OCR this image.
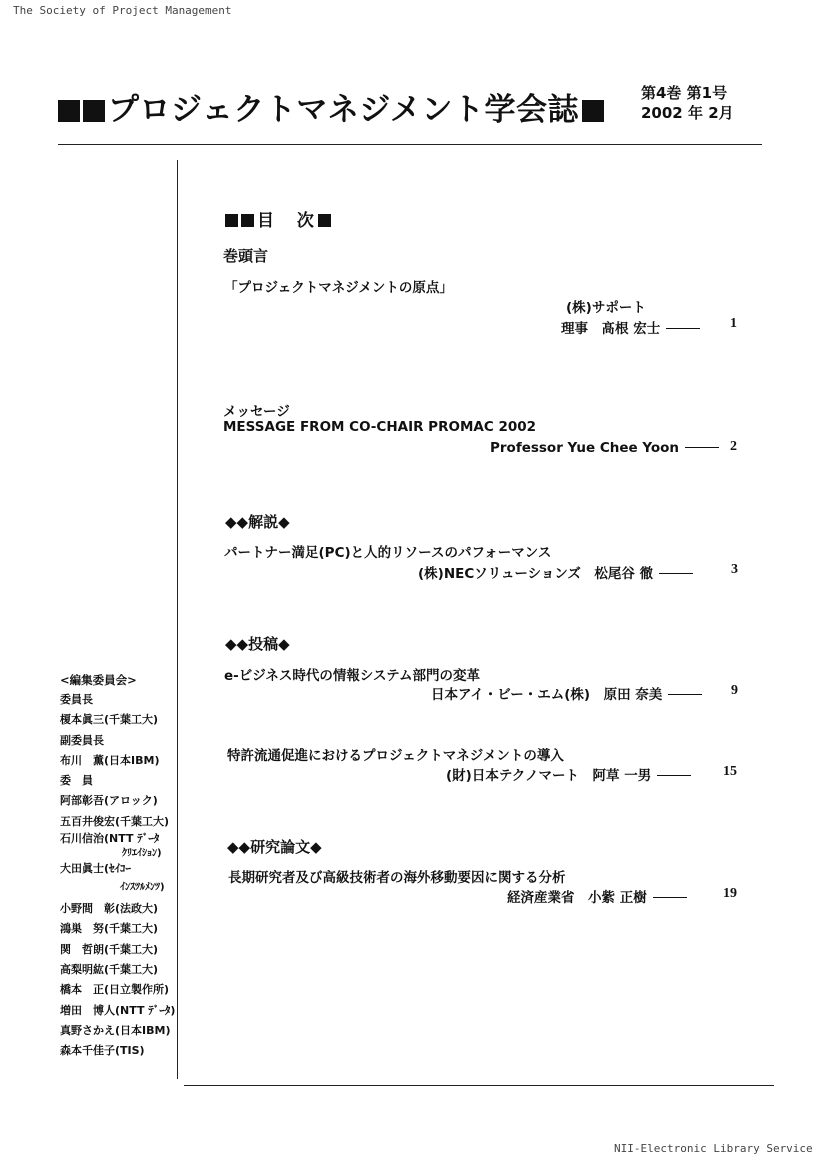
The Society of Project Management
NII-Electronic Library Service
プロジェクトマネジメント学会誌	第4巻 第1号
2002 年 2月
目　 次
巻頭言
「プロジェクトマネジメントの原点」
(株)サポート
理事　髙根 宏士	1
メッセージ
MESSAGE FROM CO-CHAIR PROMAC 2002
Professor Yue Chee Yoon	2
◆◆解説◆
パートナー満足(PC)と人的リソースのパフォーマンス
(株)NECソリューションズ　松尾谷 徹	3
◆◆投稿◆
e-ビジネス時代の情報システム部門の変革
日本アイ・ビー・エム(株)　原田 奈美	9
特許流通促進におけるプロジェクトマネジメントの導入
(財)日本テクノマート　阿草 一男	15
◆◆研究論文◆
長期研究者及び高級技術者の海外移動要因に関する分析
経済産業省　小紫 正樹	19
<編集委員会>
委員長
榎本眞三(千葉工大)
副委員長
布川　薫(日本IBM)
委　員
阿部彰吾(アロック)
五百井俊宏(千葉工大)
石川信治(NTT ﾃﾞｰﾀ
ｸﾘｴｲｼｮﾝ)
大田眞士(ｾｲｺｰ
ｲﾝｽﾂﾙﾒﾝﾂ)
小野間　彰(法政大)
鴻巣　努(千葉工大)
関　哲朗(千葉工大)
高梨明紘(千葉工大)
橋本　正(日立製作所)
増田　博人(NTT ﾃﾞｰﾀ)
真野さかえ(日本IBM)
森本千佳子(TIS)
